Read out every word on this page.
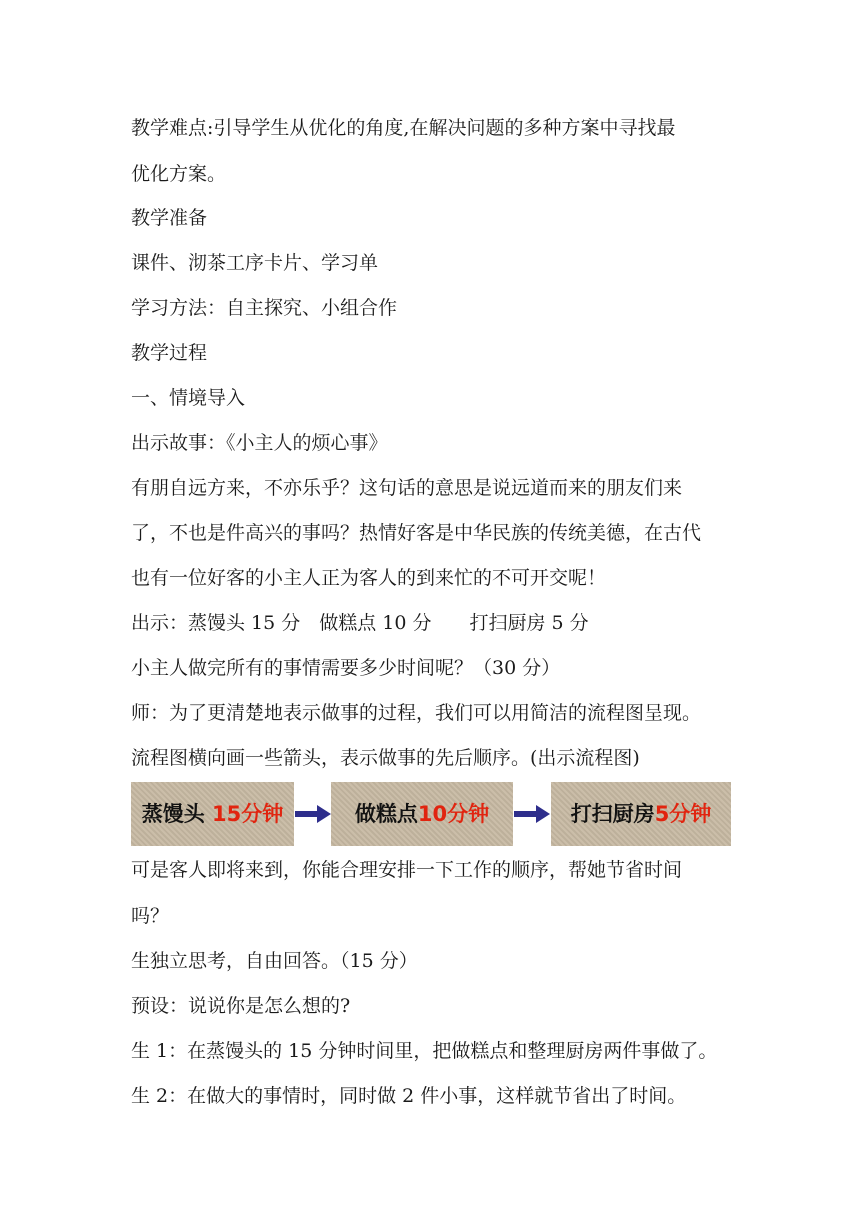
教学难点:引导学生从优化的角度,在解决问题的多种方案中寻找最
优化方案。
教学准备
课件、沏茶工序卡片、学习单
学习方法：自主探究、小组合作
教学过程
一、情境导入
出示故事：《小主人的烦心事》
有朋自远方来，不亦乐乎？这句话的意思是说远道而来的朋友们来
了，不也是件高兴的事吗？热情好客是中华民族的传统美德，在古代
也有一位好客的小主人正为客人的到来忙的不可开交呢！
出示：蒸馒头 15 分　做糕点 10 分　　打扫厨房 5 分
小主人做完所有的事情需要多少时间呢？（30 分）
师：为了更清楚地表示做事的过程，我们可以用简洁的流程图呈现。
流程图横向画一些箭头，表示做事的先后顺序。(出示流程图)
蒸馒头 15分钟	做糕点10分钟	打扫厨房5分钟
可是客人即将来到，你能合理安排一下工作的顺序，帮她节省时间
吗？
生独立思考，自由回答。（15 分）
预设：说说你是怎么想的?
生 1：在蒸馒头的 15 分钟时间里，把做糕点和整理厨房两件事做了。
生 2：在做大的事情时，同时做 2 件小事，这样就节省出了时间。
